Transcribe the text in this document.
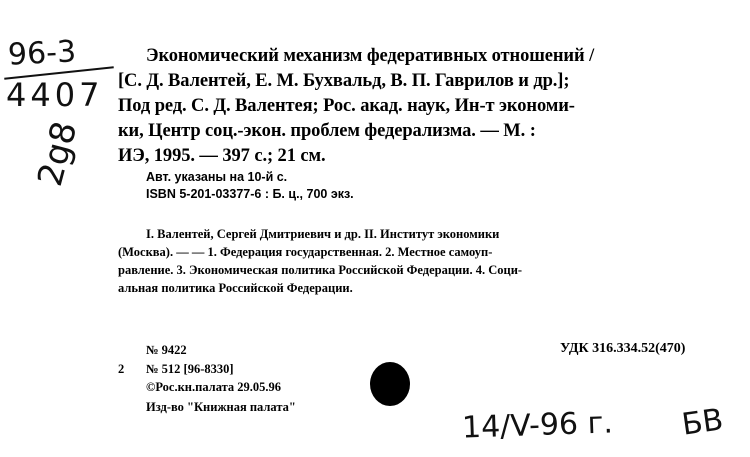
96-3
4407
2g8
Экономический механизм федеративных отношений /
[С. Д. Валентей, Е. М. Бухвальд, В. П. Гаврилов и др.];
Под ред. С. Д. Валентея; Рос. акад. наук, Ин-т экономи-
ки, Центр соц.-экон. проблем федерализма. — М. :
ИЭ, 1995. — 397 с.; 21 см.
Авт. указаны на 10-й с.
ISBN 5-201-03377-6 : Б. ц., 700 экз.
I. Валентей, Сергей Дмитриевич и др. II. Институт экономики
(Москва). — — 1. Федерация государственная. 2. Местное самоуп-
равление. 3. Экономическая политика Российской Федерации. 4. Соци-
альная политика Российской Федерации.
№ 9422	УДК 316.334.52(470)
2 № 512 [96-8330]
©Рос.кн.палата 29.05.96
Изд-во "Книжная палата"	14/V-96 г. БВ
